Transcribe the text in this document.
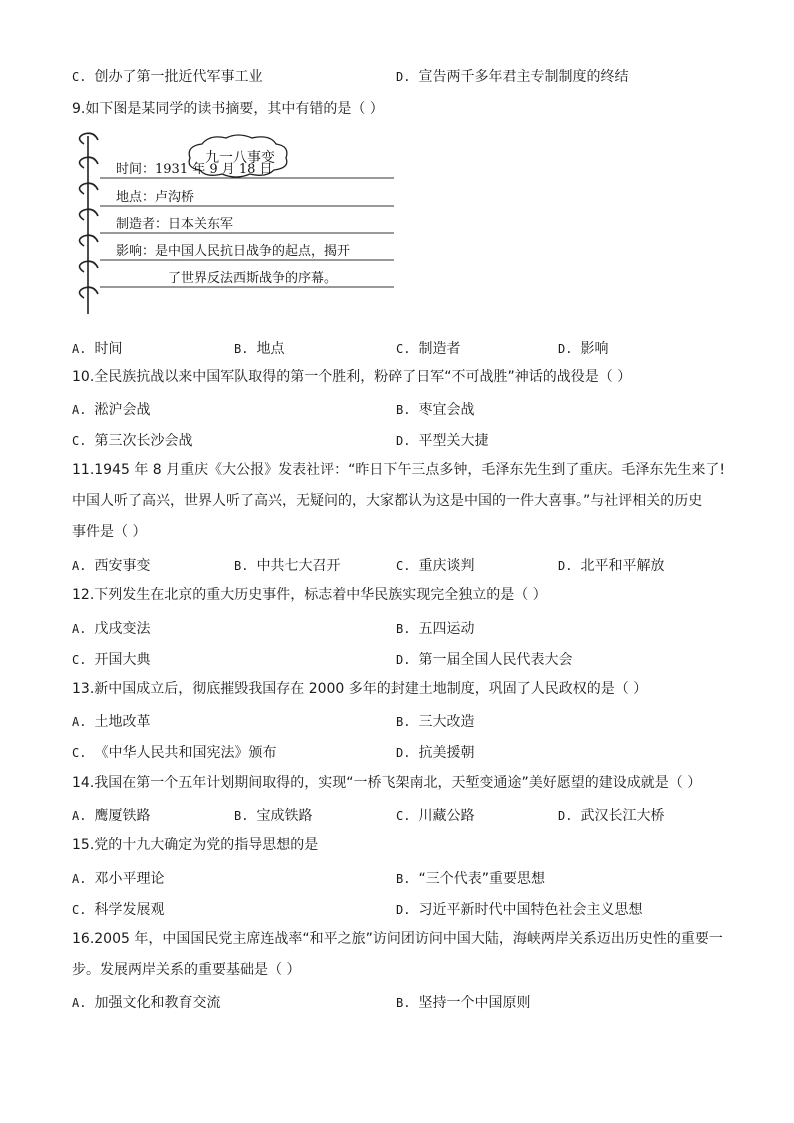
C. 创办了第一批近代军事工业	D. 宣告两千多年君主专制制度的终结
9.如下图是某同学的读书摘要，其中有错的是（ ）
九一八事变
时间：1931 年 9 月 18 日
地点：卢沟桥
制造者：日本关东军
影响：是中国人民抗日战争的起点，揭开
了世界反法西斯战争的序幕。
A. 时间	B. 地点	C. 制造者	D. 影响
10.全民族抗战以来中国军队取得的第一个胜利，粉碎了日军“不可战胜”神话的战役是（ ）
A. 淞沪会战	B. 枣宜会战
C. 第三次长沙会战	D. 平型关大捷
11.1945 年 8 月重庆《大公报》发表社评：“昨日下午三点多钟，毛泽东先生到了重庆。毛泽东先生来了!
中国人听了高兴，世界人听了高兴，无疑问的，大家都认为这是中国的一件大喜事。”与社评相关的历史
事件是（ ）
A. 西安事变	B. 中共七大召开	C. 重庆谈判	D. 北平和平解放
12.下列发生在北京的重大历史事件，标志着中华民族实现完全独立的是（ ）
A. 戊戌变法	B. 五四运动
C. 开国大典	D. 第一届全国人民代表大会
13.新中国成立后，彻底摧毁我国存在 2000 多年的封建土地制度，巩固了人民政权的是（ ）
A. 土地改革	B. 三大改造
C. 《中华人民共和国宪法》颁布	D. 抗美援朝
14.我国在第一个五年计划期间取得的，实现“一桥飞架南北，天堑变通途”美好愿望的建设成就是（ ）
A. 鹰厦铁路	B. 宝成铁路	C. 川藏公路	D. 武汉长江大桥
15.党的十九大确定为党的指导思想的是
A. 邓小平理论	B. “三个代表”重要思想
C. 科学发展观	D. 习近平新时代中国特色社会主义思想
16.2005 年，中国国民党主席连战率“和平之旅”访问团访问中国大陆，海峡两岸关系迈出历史性的重要一
步。发展两岸关系的重要基础是（ ）
A. 加强文化和教育交流	B. 坚持一个中国原则
